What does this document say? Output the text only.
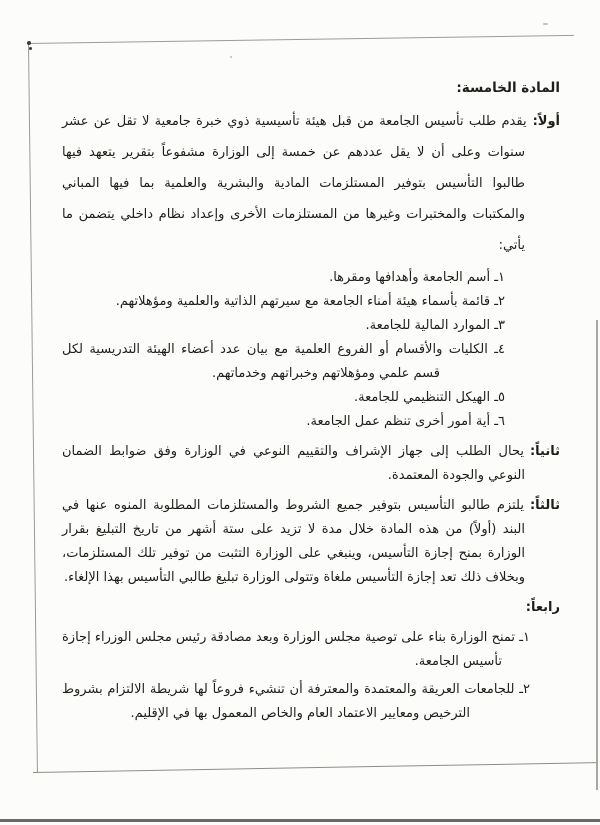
المادة الخامسة:

أولاً:يقدم طلب تأسيس الجامعة من قبل هيئة تأسيسية ذوي خبرة جامعية لا تقل عن عشر سنوات وعلى أن لا يقل عددهم عن خمسة إلى الوزارة مشفوعاً بتقرير يتعهد فيها طالبوا التأسيس بتوفير المستلزمات المادية والبشرية والعلمية بما فيها المباني والمكتبات والمختبرات وغيرها من المستلزمات الأخرى وإعداد نظام داخلي يتضمن ما يأتي:

١ـ أسم الجامعة وأهدافها ومقرها.

٢ـ قائمة بأسماء هيئة أمناء الجامعة مع سيرتهم الذاتية والعلمية ومؤهلاتهم.

٣ـ الموارد المالية للجامعة.

٤ـ الكليات والأقسام أو الفروع العلمية مع بيان عدد أعضاء الهيئة التدريسية لكل قسم علمي ومؤهلاتهم وخبراتهم وخدماتهم.

٥ـ الهيكل التنظيمي للجامعة.

٦ـ أية أمور أخرى تنظم عمل الجامعة.

ثانياً:يحال الطلب إلى جهاز الإشراف والتقييم النوعي في الوزارة وفق ضوابط الضمان النوعي والجودة المعتمدة.

ثالثاً:يلتزم طالبو التأسيس بتوفير جميع الشروط والمستلزمات المطلوبة المنوه عنها في البند (أولاً) من هذه المادة خلال مدة لا تزيد على ستة أشهر من تاريخ التبليغ بقرار الوزارة بمنح إجازة التأسيس، وينبغي على الوزارة التثبت من توفير تلك المستلزمات، وبخلاف ذلك تعد إجازة التأسيس ملغاة وتتولى الوزارة تبليغ طالبي التأسيس بهذا الإلغاء.

رابعاً:

١ـ تمنح الوزارة بناء على توصية مجلس الوزارة وبعد مصادقة رئيس مجلس الوزراء إجازة تأسيس الجامعة.

٢ـ للجامعات العريقة والمعتمدة والمعترفة أن تنشيء فروعاً لها شريطة الالتزام بشروط الترخيص ومعايير الاعتماد العام والخاص المعمول بها في الإقليم.
